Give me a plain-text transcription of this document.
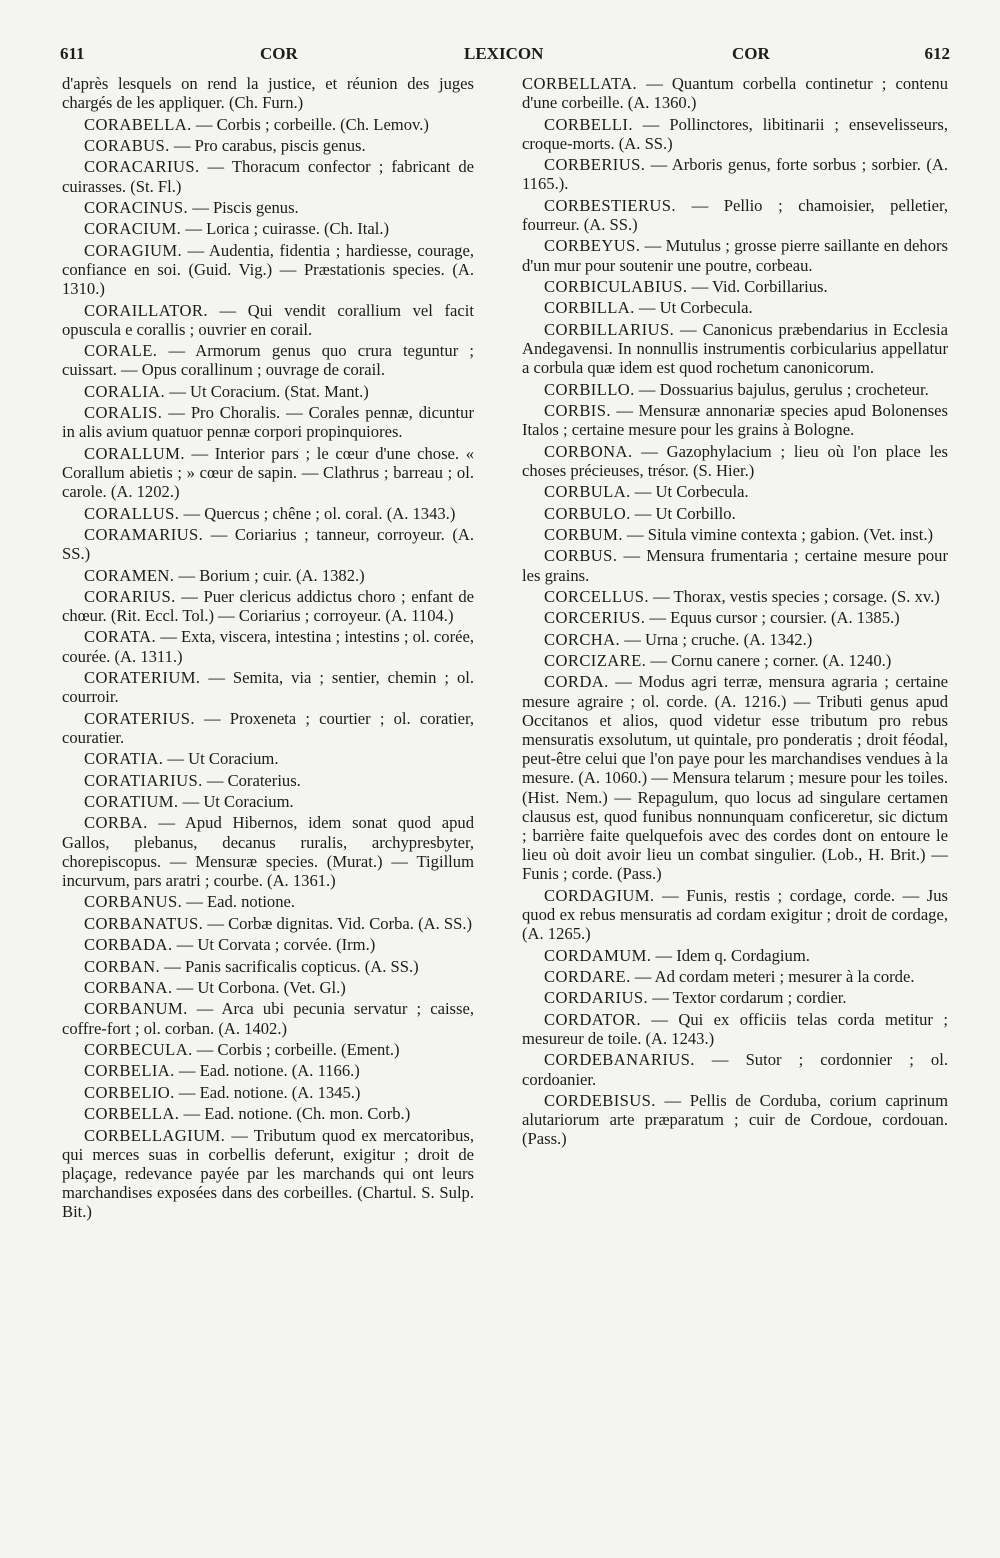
611	COR	LEXICON	COR	612

d'après lesquels on rend la justice, et réunion des juges chargés de les appliquer. (Ch. Furn.)

CORABELLA. — Corbis ; corbeille. (Ch. Lemov.)

CORABUS. — Pro carabus, piscis genus.

CORACARIUS. — Thoracum confector ; fabricant de cuirasses. (St. Fl.)

CORACINUS. — Piscis genus.

CORACIUM. — Lorica ; cuirasse. (Ch. Ital.)

CORAGIUM. — Audentia, fidentia ; hardiesse, courage, confiance en soi. (Guid. Vig.) — Præstationis species. (A. 1310.)

CORAILLATOR. — Qui vendit corallium vel facit opuscula e corallis ; ouvrier en corail.

CORALE. — Armorum genus quo crura teguntur ; cuissart. — Opus corallinum ; ouvrage de corail.

CORALIA. — Ut Coracium. (Stat. Mant.)

CORALIS. — Pro Choralis. — Corales pennæ, dicuntur in alis avium quatuor pennæ corpori propinquiores.

CORALLUM. — Interior pars ; le cœur d'une chose. « Corallum abietis ; » cœur de sapin. — Clathrus ; barreau ; ol. carole. (A. 1202.)

CORALLUS. — Quercus ; chêne ; ol. coral. (A. 1343.)

CORAMARIUS. — Coriarius ; tanneur, corroyeur. (A. SS.)

CORAMEN. — Borium ; cuir. (A. 1382.)

CORARIUS. — Puer clericus addictus choro ; enfant de chœur. (Rit. Eccl. Tol.) — Coriarius ; corroyeur. (A. 1104.)

CORATA. — Exta, viscera, intestina ; intestins ; ol. corée, courée. (A. 1311.)

CORATERIUM. — Semita, via ; sentier, chemin ; ol. courroir.

CORATERIUS. — Proxeneta ; courtier ; ol. coratier, couratier.

CORATIA. — Ut Coracium.

CORATIARIUS. — Coraterius.

CORATIUM. — Ut Coracium.

CORBA. — Apud Hibernos, idem sonat quod apud Gallos, plebanus, decanus ruralis, archypresbyter, chorepiscopus. — Mensuræ species. (Murat.) — Tigillum incurvum, pars aratri ; courbe. (A. 1361.)

CORBANUS. — Ead. notione.

CORBANATUS. — Corbæ dignitas. Vid. Corba. (A. SS.)

CORBADA. — Ut Corvata ; corvée. (Irm.)

CORBAN. — Panis sacrificalis copticus. (A. SS.)

CORBANA. — Ut Corbona. (Vet. Gl.)

CORBANUM. — Arca ubi pecunia servatur ; caisse, coffre-fort ; ol. corban. (A. 1402.)

CORBECULA. — Corbis ; corbeille. (Ement.)

CORBELIA. — Ead. notione. (A. 1166.)

CORBELIO. — Ead. notione. (A. 1345.)

CORBELLA. — Ead. notione. (Ch. mon. Corb.)

CORBELLAGIUM. — Tributum quod ex mercatoribus, qui merces suas in corbellis deferunt, exigitur ; droit de plaçage, redevance payée par les marchands qui ont leurs marchandises exposées dans des corbeilles. (Chartul. S. Sulp. Bit.)

CORBELLATA. — Quantum corbella continetur ; contenu d'une corbeille. (A. 1360.)

CORBELLI. — Pollinctores, libitinarii ; ensevelisseurs, croque-morts. (A. SS.)

CORBERIUS. — Arboris genus, forte sorbus ; sorbier. (A. 1165.).

CORBESTIERUS. — Pellio ; chamoisier, pelletier, fourreur. (A. SS.)

CORBEYUS. — Mutulus ; grosse pierre saillante en dehors d'un mur pour soutenir une poutre, corbeau.

CORBICULABIUS. — Vid. Corbillarius.

CORBILLA. — Ut Corbecula.

CORBILLARIUS. — Canonicus præbendarius in Ecclesia Andegavensi. In nonnullis instrumentis corbicularius appellatur a corbula quæ idem est quod rochetum canonicorum.

CORBILLO. — Dossuarius bajulus, gerulus ; crocheteur.

CORBIS. — Mensuræ annonariæ species apud Bolonenses Italos ; certaine mesure pour les grains à Bologne.

CORBONA. — Gazophylacium ; lieu où l'on place les choses précieuses, trésor. (S. Hier.)

CORBULA. — Ut Corbecula.

CORBULO. — Ut Corbillo.

CORBUM. — Situla vimine contexta ; gabion. (Vet. inst.)

CORBUS. — Mensura frumentaria ; certaine mesure pour les grains.

CORCELLUS. — Thorax, vestis species ; corsage. (S. xv.)

CORCERIUS. — Equus cursor ; coursier. (A. 1385.)

CORCHA. — Urna ; cruche. (A. 1342.)

CORCIZARE. — Cornu canere ; corner. (A. 1240.)

CORDA. — Modus agri terræ, mensura agraria ; certaine mesure agraire ; ol. corde. (A. 1216.) — Tributi genus apud Occitanos et alios, quod videtur esse tributum pro rebus mensuratis exsolutum, ut quintale, pro ponderatis ; droit féodal, peut-être celui que l'on paye pour les marchandises vendues à la mesure. (A. 1060.) — Mensura telarum ; mesure pour les toiles. (Hist. Nem.) — Repagulum, quo locus ad singulare certamen clausus est, quod funibus nonnunquam conficeretur, sic dictum ; barrière faite quelquefois avec des cordes dont on entoure le lieu où doit avoir lieu un combat singulier. (Lob., H. Brit.) — Funis ; corde. (Pass.)

CORDAGIUM. — Funis, restis ; cordage, corde. — Jus quod ex rebus mensuratis ad cordam exigitur ; droit de cordage, (A. 1265.)

CORDAMUM. — Idem q. Cordagium.

CORDARE. — Ad cordam meteri ; mesurer à la corde.

CORDARIUS. — Textor cordarum ; cordier.

CORDATOR. — Qui ex officiis telas corda metitur ; mesureur de toile. (A. 1243.)

CORDEBANARIUS. — Sutor ; cordonnier ; ol. cordoanier.

CORDEBISUS. — Pellis de Corduba, corium caprinum alutariorum arte præparatum ; cuir de Cordoue, cordouan. (Pass.)
